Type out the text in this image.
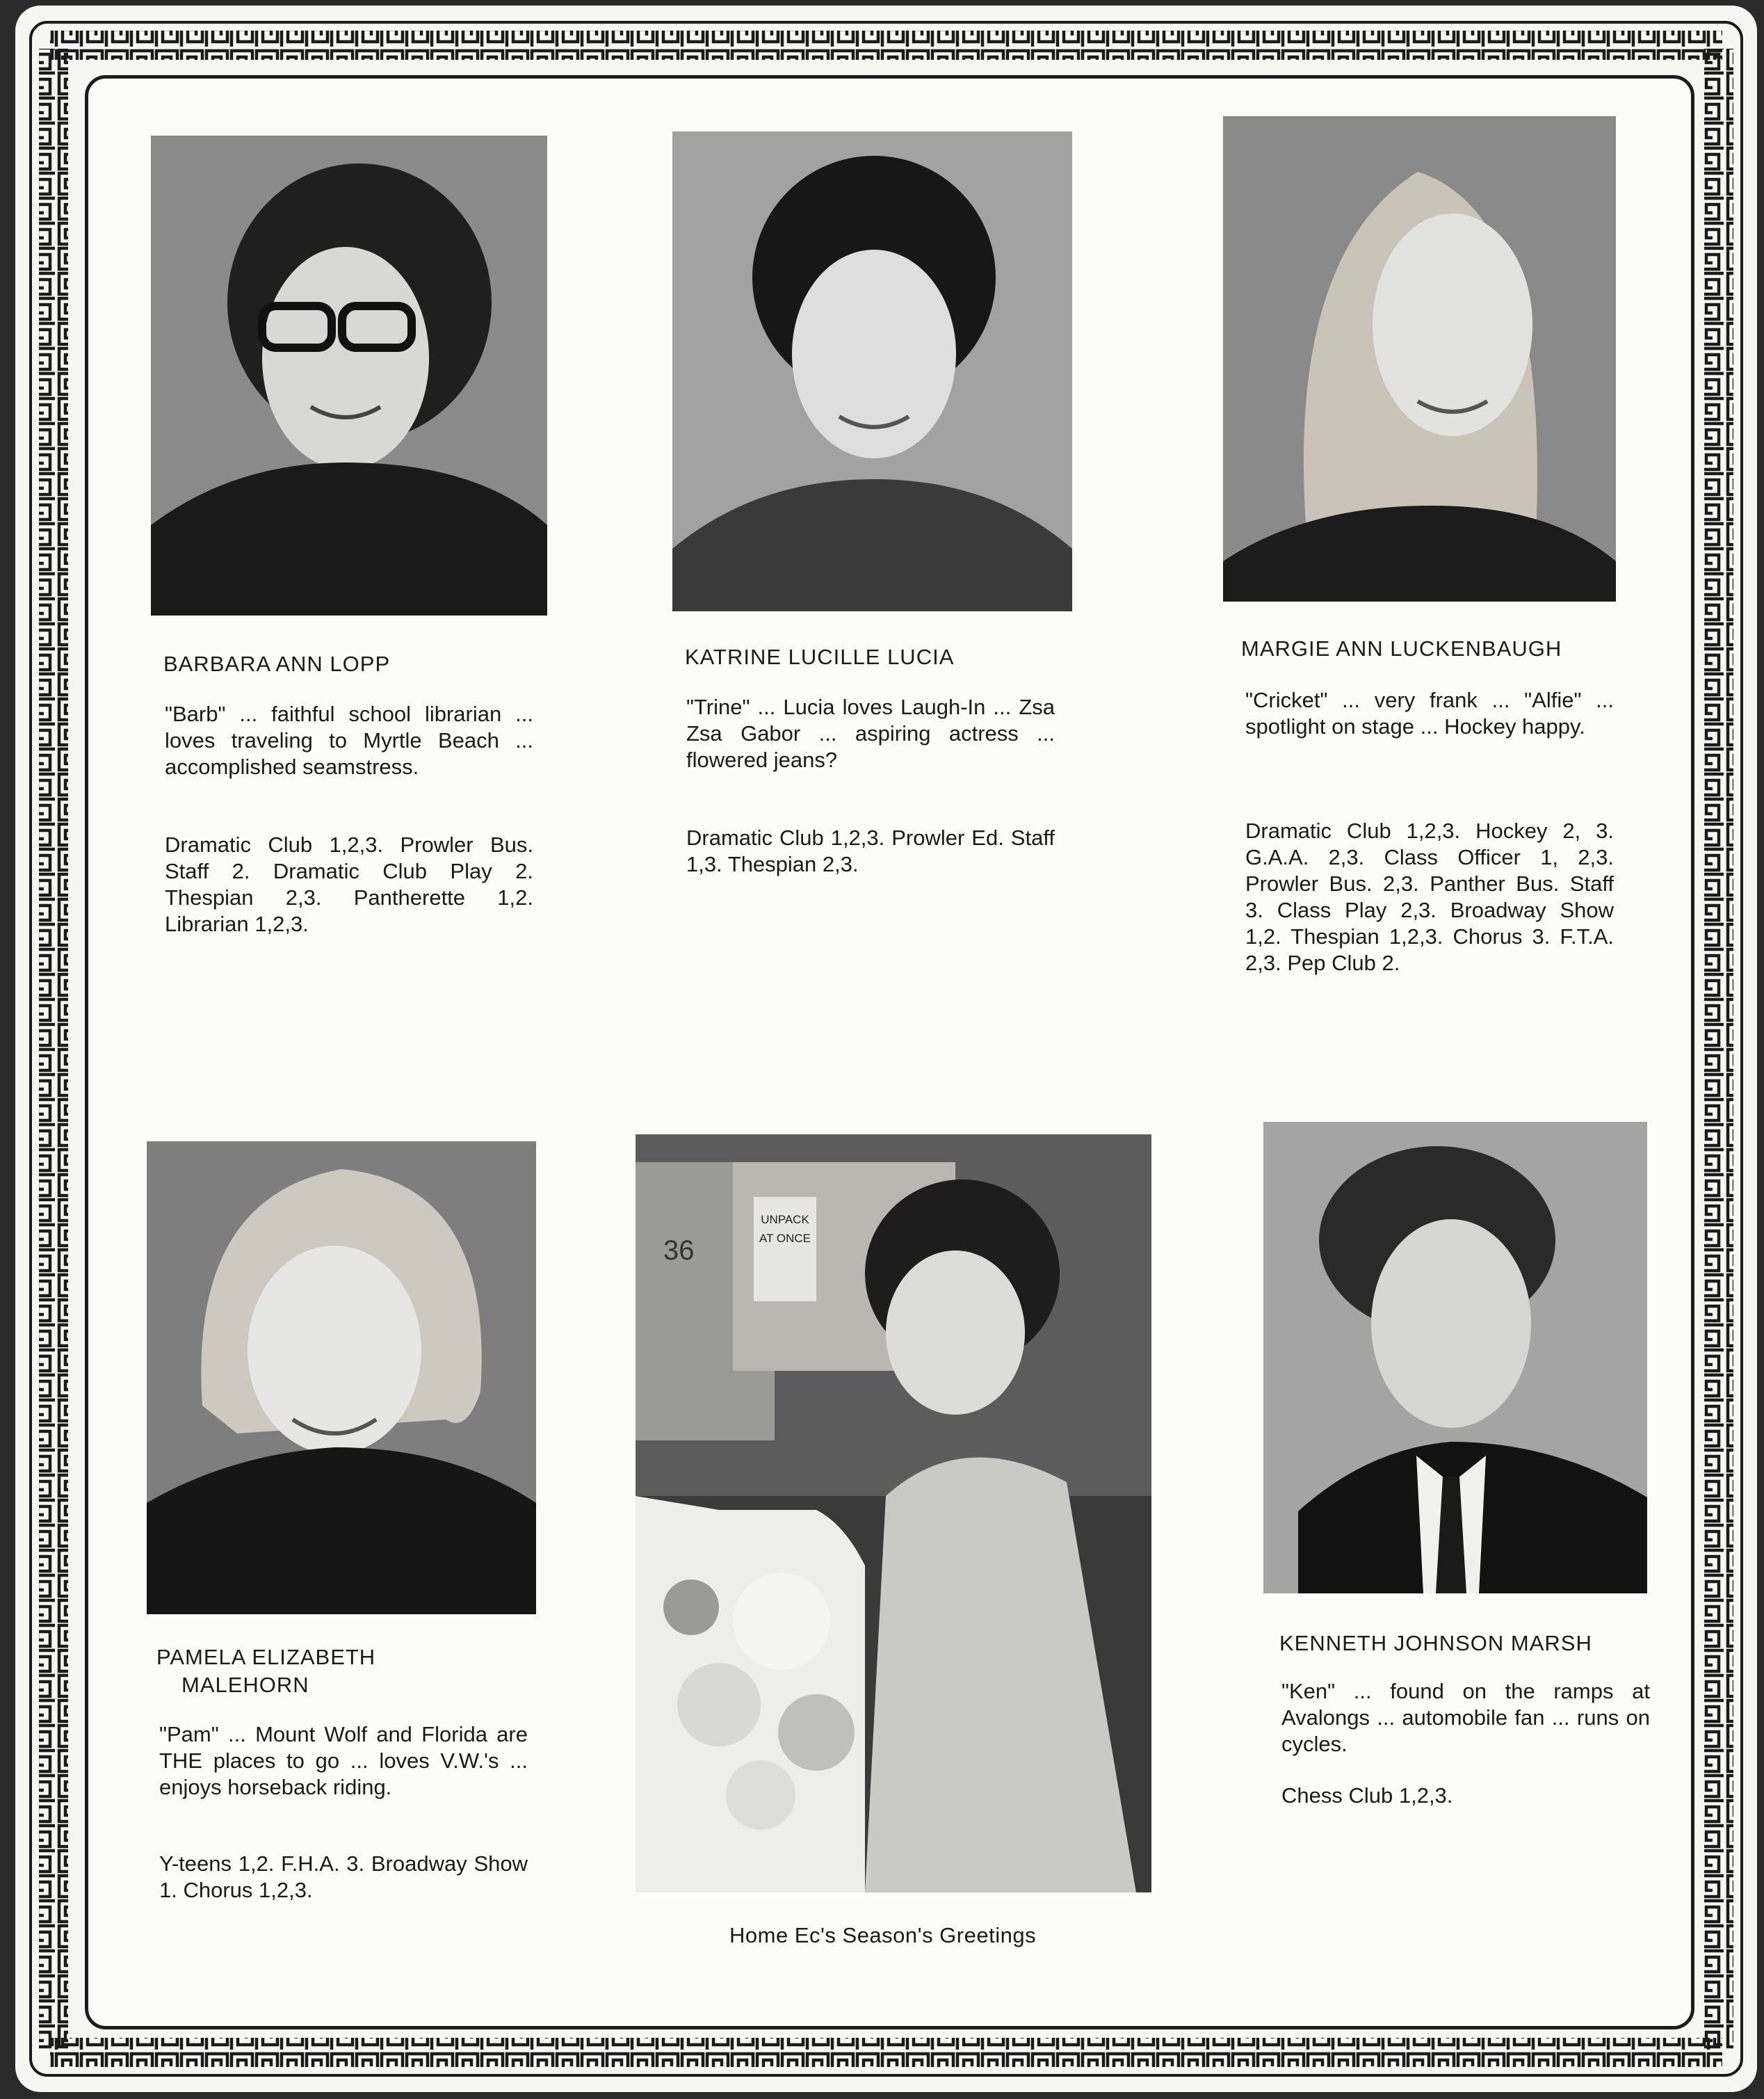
BARBARA ANN LOPP
"Barb" ... faithful school librarian ... loves traveling to Myrtle Beach ... accomplished seamstress.
Dramatic Club 1,2,3. Prowler Bus. Staff 2. Dramatic Club Play 2. Thespian 2,3. Pantherette 1,2. Librarian 1,2,3.
KATRINE LUCILLE LUCIA
"Trine" ... Lucia loves Laugh-In ... Zsa Zsa Gabor ... aspiring actress ... flowered jeans?
Dramatic Club 1,2,3. Prowler Ed. Staff 1,3. Thespian 2,3.
MARGIE ANN LUCKENBAUGH
"Cricket" ... very frank ... "Alfie" ... spotlight on stage ... Hockey happy.
Dramatic Club 1,2,3. Hockey 2, 3. G.A.A. 2,3. Class Officer 1, 2,3. Prowler Bus. 2,3. Panther Bus. Staff 3. Class Play 2,3. Broadway Show 1,2. Thespian 1,2,3. Chorus 3. F.T.A. 2,3. Pep Club 2.
PAMELA ELIZABETH
MALEHORN
"Pam" ... Mount Wolf and Florida are THE places to go ... loves V.W.'s ... enjoys horseback riding.
Y-teens 1,2. F.H.A. 3. Broadway Show 1. Chorus 1,2,3.
UNPACK
AT ONCE
36
Home Ec's Season's Greetings
KENNETH JOHNSON MARSH
"Ken" ... found on the ramps at Avalongs ... automobile fan ... runs on cycles.
Chess Club 1,2,3.
